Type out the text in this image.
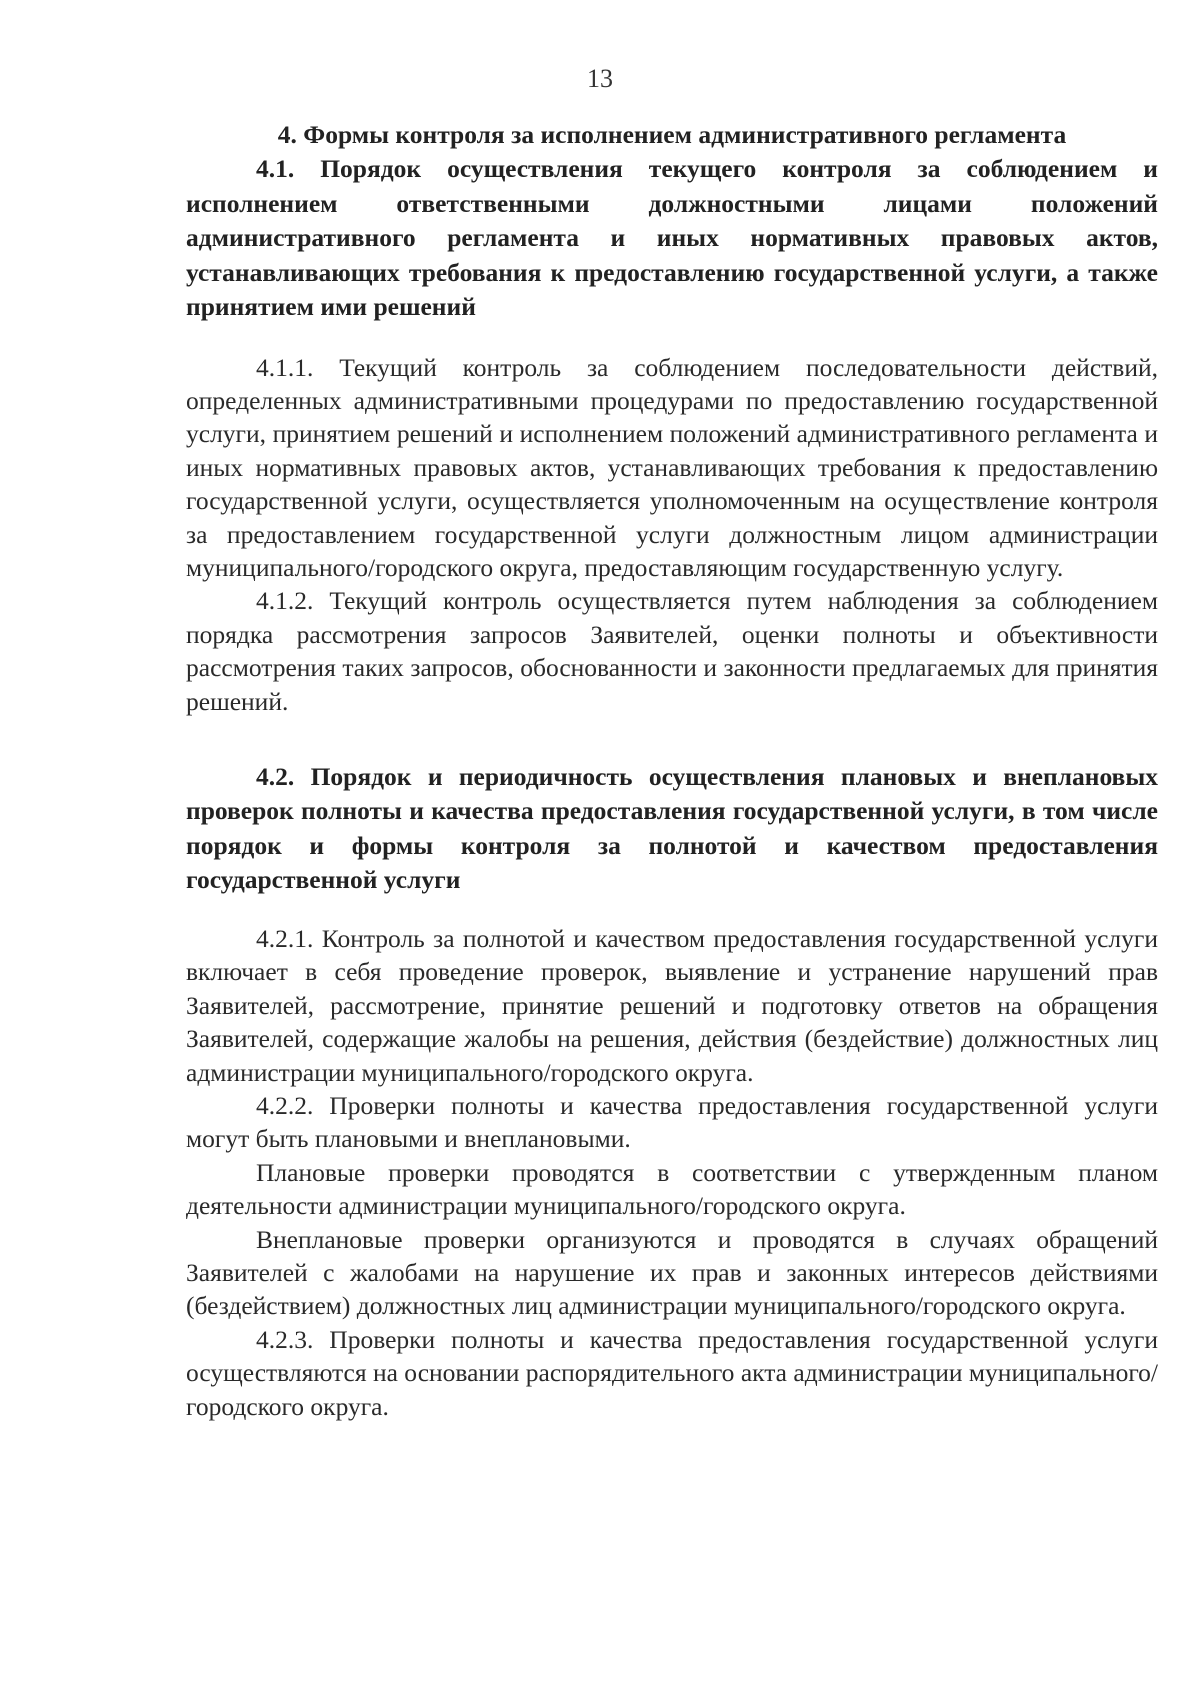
13

4. Формы контроля за исполнением административного регламента

4.1. Порядок осуществления текущего контроля за соблюдением и исполнением ответственными должностными лицами положений административного регламента и иных нормативных правовых актов, устанавливающих требования к предоставлению государственной услуги, а также принятием ими решений

4.1.1. Текущий контроль за соблюдением последовательности действий, определенных административными процедурами по предоставлению государственной услуги, принятием решений и исполнением положений административного регламента и иных нормативных правовых актов, устанавливающих требования к предоставлению государственной услуги, осуществляется уполномоченным на осуществление контроля за предоставлением государственной услуги должностным лицом администрации муниципального/городского округа, предоставляющим государственную услугу.

4.1.2. Текущий контроль осуществляется путем наблюдения за соблюдением порядка рассмотрения запросов Заявителей, оценки полноты и объективности рассмотрения таких запросов, обоснованности и законности предлагаемых для принятия решений.

4.2. Порядок и периодичность осуществления плановых и внеплановых проверок полноты и качества предоставления государственной услуги, в том числе порядок и формы контроля за полнотой и качеством предоставления государственной услуги

4.2.1. Контроль за полнотой и качеством предоставления государственной услуги включает в себя проведение проверок, выявление и устранение нарушений прав Заявителей, рассмотрение, принятие решений и подготовку ответов на обращения Заявителей, содержащие жалобы на решения, действия (бездействие) должностных лиц администрации муниципального/городского округа.

4.2.2. Проверки полноты и качества предоставления государственной услуги могут быть плановыми и внеплановыми.

Плановые проверки проводятся в соответствии с утвержденным планом деятельности администрации муниципального/городского округа.

Внеплановые проверки организуются и проводятся в случаях обращений Заявителей с жалобами на нарушение их прав и законных интересов действиями (бездействием) должностных лиц администрации муниципального/городского округа.

4.2.3. Проверки полноты и качества предоставления государственной услуги осуществляются на основании распорядительного акта администрации муниципального/городского округа.
